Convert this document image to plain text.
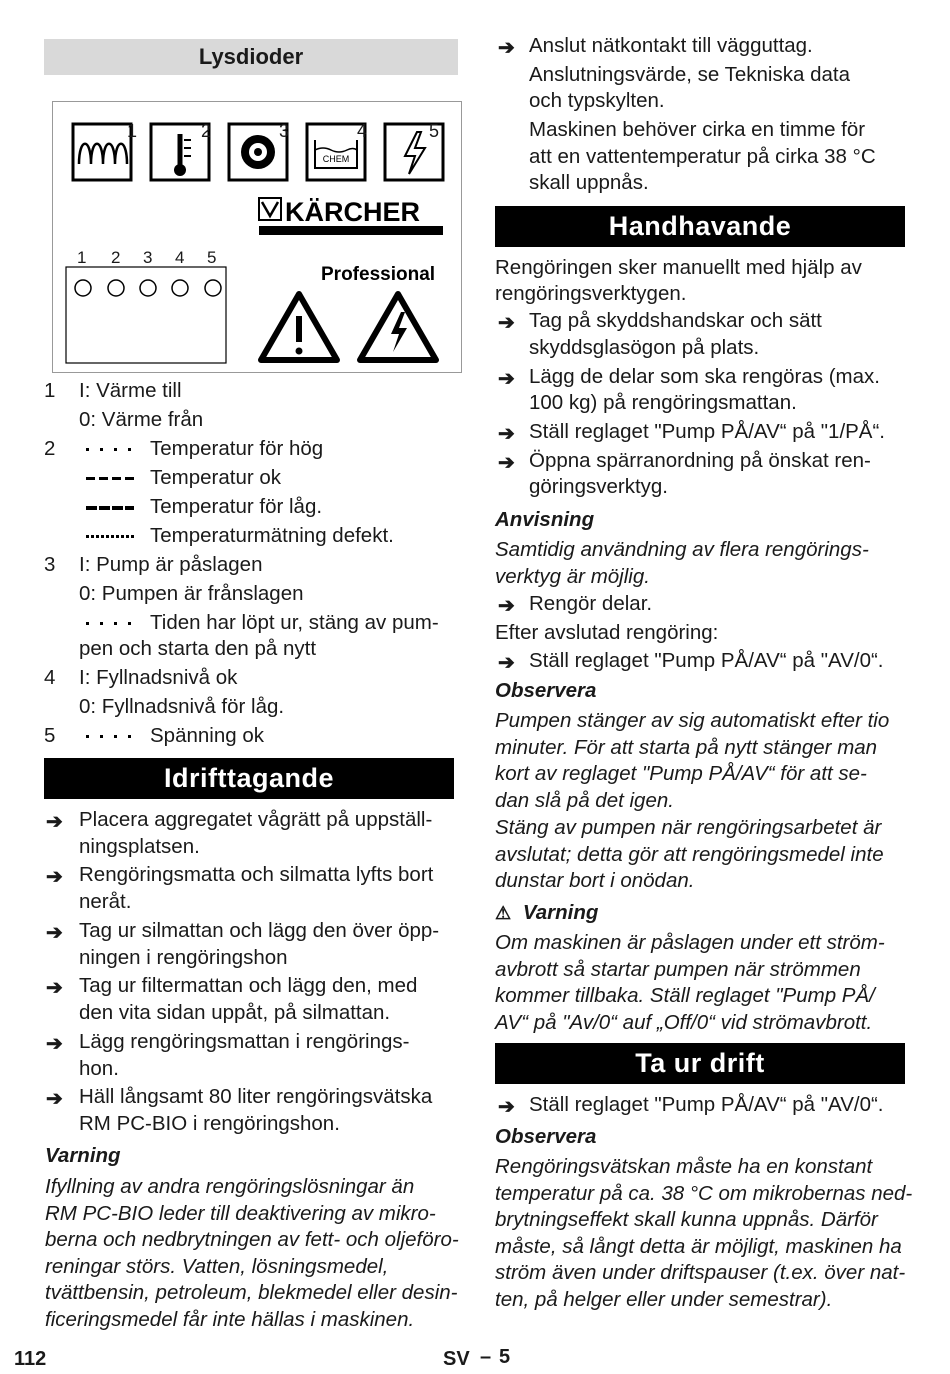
Lysdioder
CHEM
KÄRCHER
Professional
1	2	3	4	5
1 2 3 4 5
1 I: Värme till
0: Värme från
2	Temperatur för hög
Temperatur ok
Temperatur för låg.
Temperaturmätning defekt.
3 I: Pump är påslagen
0: Pumpen är frånslagen
Tiden har löpt ur, stäng av pum-
pen och starta den på nytt
4 I: Fyllnadsnivå ok
0: Fyllnadsnivå för låg.
5	Spänning ok
Idrifttagande
➔ Placera aggregatet vågrätt på uppställ-
ningsplatsen.
➔ Rengöringsmatta och silmatta lyfts bort
neråt.
➔ Tag ur silmattan och lägg den över öpp-
ningen i rengöringshon
➔ Tag ur filtermattan och lägg den, med
den vita sidan uppåt, på silmattan.
➔ Lägg rengöringsmattan i rengörings-
hon.
➔ Häll långsamt 80 liter rengöringsvätska
RM PC-BIO i rengöringshon.
Varning
Ifyllning av andra rengöringslösningar än
RM PC-BIO leder till deaktivering av mikro-
berna och nedbrytningen av fett- och oljeföro-
reningar störs. Vatten, lösningsmedel,
tvättbensin, petroleum, blekmedel eller desin-
ficeringsmedel får inte hällas i maskinen.
➔ Anslut nätkontakt till vägguttag.
Anslutningsvärde, se Tekniska data
och typskylten.
Maskinen behöver cirka en timme för
att en vattentemperatur på cirka 38 °C
skall uppnås.
Handhavande
Rengöringen sker manuellt med hjälp av
rengöringsverktygen.
➔ Tag på skyddshandskar och sätt
skyddsglasögon på plats.
➔ Lägg de delar som ska rengöras (max.
100 kg) på rengöringsmattan.
➔ Ställ reglaget "Pump PÅ/AV“ på "1/PÅ“.
➔ Öppna spärranordning på önskat ren-
göringsverktyg.
Anvisning
Samtidig användning av flera rengörings-
verktyg är möjlig.
➔ Rengör delar.
Efter avslutad rengöring:
➔ Ställ reglaget "Pump PÅ/AV“ på "AV/0“.
Observera
Pumpen stänger av sig automatiskt efter tio
minuter. För att starta på nytt stänger man
kort av reglaget "Pump PÅ/AV“ för att se-
dan slå på det igen.
Stäng av pumpen när rengöringsarbetet är
avslutat; detta gör att rengöringsmedel inte
dunstar bort i onödan.
⚠ Varning
Om maskinen är påslagen under ett ström-
avbrott så startar pumpen när strömmen
kommer tillbaka. Ställ reglaget "Pump PÅ/
AV“ på "Av/0“ auf „Off/0“ vid strömavbrott.
Ta ur drift
➔ Ställ reglaget "Pump PÅ/AV“ på "AV/0“.
Observera
Rengöringsvätskan måste ha en konstant
temperatur på ca. 38 °C om mikrobernas ned-
brytningseffekt skall kunna uppnås. Därför
måste, så långt detta är möjligt, maskinen ha
ström även under driftspauser (t.ex. över nat-
ten, på helger eller under semestrar).
112	SV – 5
